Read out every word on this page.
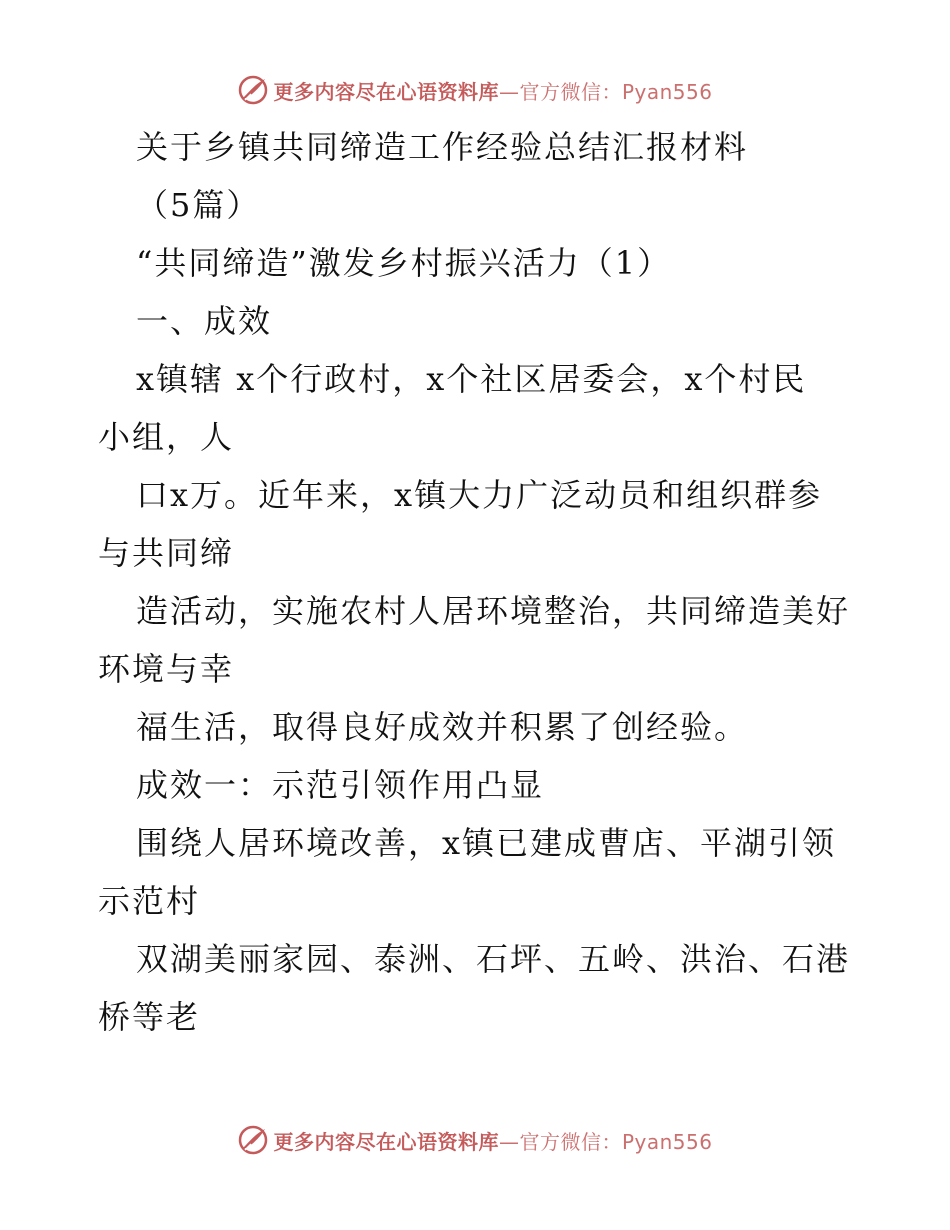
更多内容尽在心语资料库—官方微信：Pyan556
关于乡镇共同缔造工作经验总结汇报材料
（5篇）
“共同缔造”激发乡村振兴活力（1）
一、成效
x镇辖 x个行政村，x个社区居委会，x个村民
小组，人
口x万。近年来，x镇大力广泛动员和组织群参
与共同缔
造活动，实施农村人居环境整治，共同缔造美好
环境与幸
福生活，取得良好成效并积累了创经验。
成效一：示范引领作用凸显
围绕人居环境改善，x镇已建成曹店、平湖引领
示范村
双湖美丽家园、泰洲、石坪、五岭、洪治、石港
桥等老
更多内容尽在心语资料库—官方微信：Pyan556
